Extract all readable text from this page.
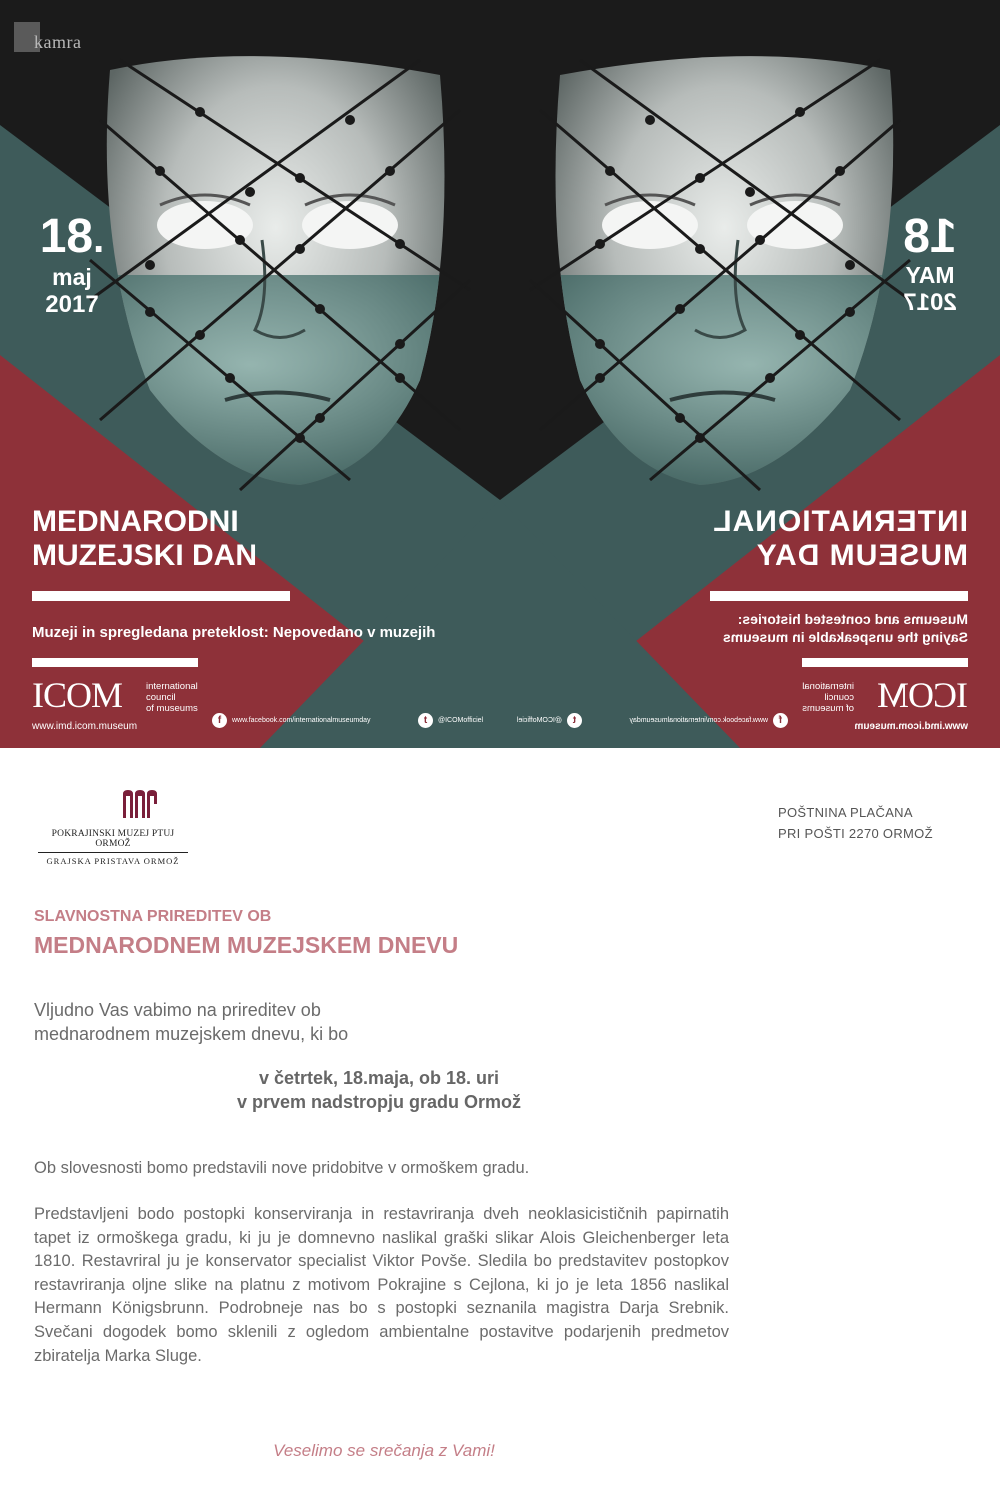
kamra
18.
maj
2017
MEDNARODNI
MUZEJSKI DAN
Muzeji in spregledana preteklost: Nepovedano v muzejih
ICOM	international
council
of museums
www.imd.icom.museum
f	www.facebook.com/internationalmuseumday	t	@ICOMofficiel
18
MAY
2017
INTERNATIONAL
MUSEUM DAY
Museums and contested histories:
Saying the unspeakable in museums
ICOM
international
council
of museums
www.imd.icom.museum
f
www.facebook.com/internationalmuseumday
t
@ICOMofficiel
POKRAJINSKI MUZEJ PTUJ ORMOŽ
GRAJSKA PRISTAVA ORMOŽ
POŠTNINA PLAČANA
PRI POŠTI 2270 ORMOŽ
SLAVNOSTNA PRIREDITEV OB
MEDNARODNEM MUZEJSKEM DNEVU
Vljudno Vas vabimo na prireditev ob
mednarodnem muzejskem dnevu, ki bo
v četrtek, 18.maja, ob 18. uri
v prvem nadstropju gradu Ormož
Ob slovesnosti bomo predstavili nove pridobitve v ormoškem gradu.
Predstavljeni bodo postopki konserviranja in restavriranja dveh neoklasicističnih papirnatih tapet iz ormoškega gradu, ki ju je domnevno naslikal graški slikar Alois Gleichenberger leta 1810. Restavriral ju je konservator specialist Viktor Povše. Sledila bo predstavitev postopkov restavriranja oljne slike na platnu z motivom Pokrajine s Cejlona, ki jo je leta 1856 naslikal Hermann Königsbrunn. Podrobneje nas bo s postopki seznanila magistra Darja Srebnik. Svečani dogodek bomo sklenili z ogledom ambientalne postavitve podarjenih predmetov zbiratelja Marka Sluge.
Veselimo se srečanja z Vami!
